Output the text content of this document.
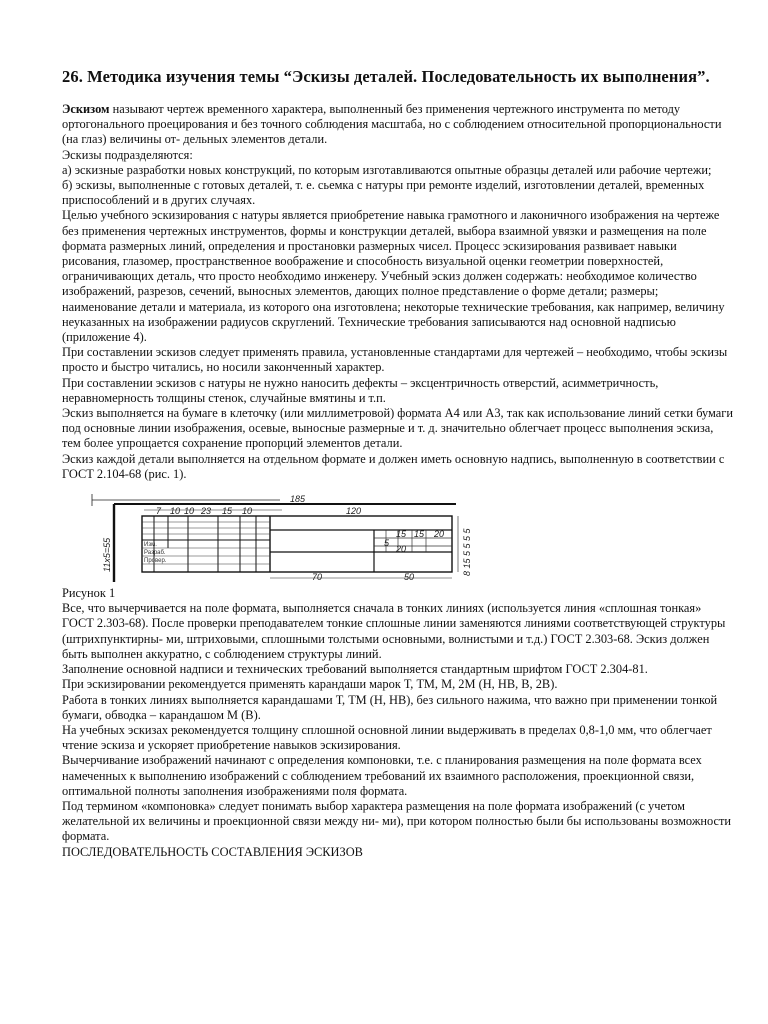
26. Методика изучения темы “Эскизы деталей. Последовательность их выполнения”.

Эскизом называют чертеж временного характера, выполненный без применения чертежного инструмента по методу ортогонального проецирования и без точного соблюдения масштаба, но с соблюдением относительной пропорциональности (на глаз) величины от- дельных элементов детали.

Эскизы подразделяются:

а) эскизные разработки новых конструкций, по которым изготавливаются опытные образцы деталей или рабочие чертежи;

б) эскизы, выполненные с готовых деталей, т. е. сьемка с натуры при ремонте изделий, изготовлении деталей, временных приспособлений и в других случаях.

Целью учебного эскизирования с натуры является приобретение навыка грамотного и лаконичного изображения на чертеже без применения чертежных инструментов, формы и конструкции деталей, выбора взаимной увязки и размещения на поле формата размерных линий, определения и простановки размерных чисел. Процесс эскизирования развивает навыки рисования, глазомер, пространственное воображение и способность визуальной оценки геометрии поверхностей, ограничивающих деталь, что просто необходимо инженеру. Учебный эскиз должен содержать: необходимое количество изображений, разрезов, сечений, выносных элементов, дающих полное представление о форме детали; размеры; наименование детали и материала, из которого она изготовлена; некоторые технические требования, как например, величину неуказанных на изображении радиусов скруглений. Технические требования записываются над основной надписью (приложение 4).

При составлении эскизов следует применять правила, установленные стандартами для чертежей – необходимо, чтобы эскизы просто и быстро читались, но носили законченный характер.

При составлении эскизов с натуры не нужно наносить дефекты – эксцентричность отверстий, асимметричность, неравномерность толщины стенок, случайные вмятины и т.п.

Эскиз выполняется на бумаге в клеточку (или миллиметровой) формата А4 или А3, так как использование линий сетки бумаги под основные линии изображения, осевые, выносные размерные и т. д. значительно облегчает процесс выполнения эскиза, тем более упрощается сохранение пропорций элементов детали.

Эскиз каждой детали выполняется на отдельном формате и должен иметь основную надпись, выполненную в соответствии с ГОСТ 2.104-68 (рис. 1).

185
7 10 10 23 15 10	120
Изм.
Разраб.
Провер.
15 15 20
5
20
70	50
11х5=55	8 15 5 5 5 5

Рисунок 1

Все, что вычерчивается на поле формата, выполняется сначала в тонких линиях (используется линия «сплошная тонкая» ГОСТ 2.303-68). После проверки преподавателем тонкие сплошные линии заменяются линиями соответствующей структуры (штрихпунктирны- ми, штриховыми, сплошными толстыми основными, волнистыми и т.д.) ГОСТ 2.303-68. Эскиз должен быть выполнен аккуратно, с соблюдением структуры линий.

Заполнение основной надписи и технических требований выполняется стандартным шрифтом ГОСТ 2.304-81.

При эскизировании рекомендуется применять карандаши марок Т, ТМ, М, 2М (Н, НВ, В, 2В).

Работа в тонких линиях выполняется карандашами Т, ТМ (Н, НВ), без сильного нажима, что важно при применении тонкой бумаги, обводка – карандашом М (В).

На учебных эскизах рекомендуется толщину сплошной основной линии выдерживать в пределах 0,8-1,0 мм, что облегчает чтение эскиза и ускоряет приобретение навыков эскизирования.

Вычерчивание изображений начинают с определения компоновки, т.е. с планирования размещения на поле формата всех намеченных к выполнению изображений с соблюдением требований их взаимного расположения, проекционной связи, оптимальной полноты заполнения изображениями поля формата.

Под термином «компоновка» следует понимать выбор характера размещения на поле формата изображений (с учетом желательной их величины и проекционной связи между ни- ми), при котором полностью были бы использованы возможности формата.

ПОСЛЕДОВАТЕЛЬНОСТЬ СОСТАВЛЕНИЯ ЭСКИЗОВ
